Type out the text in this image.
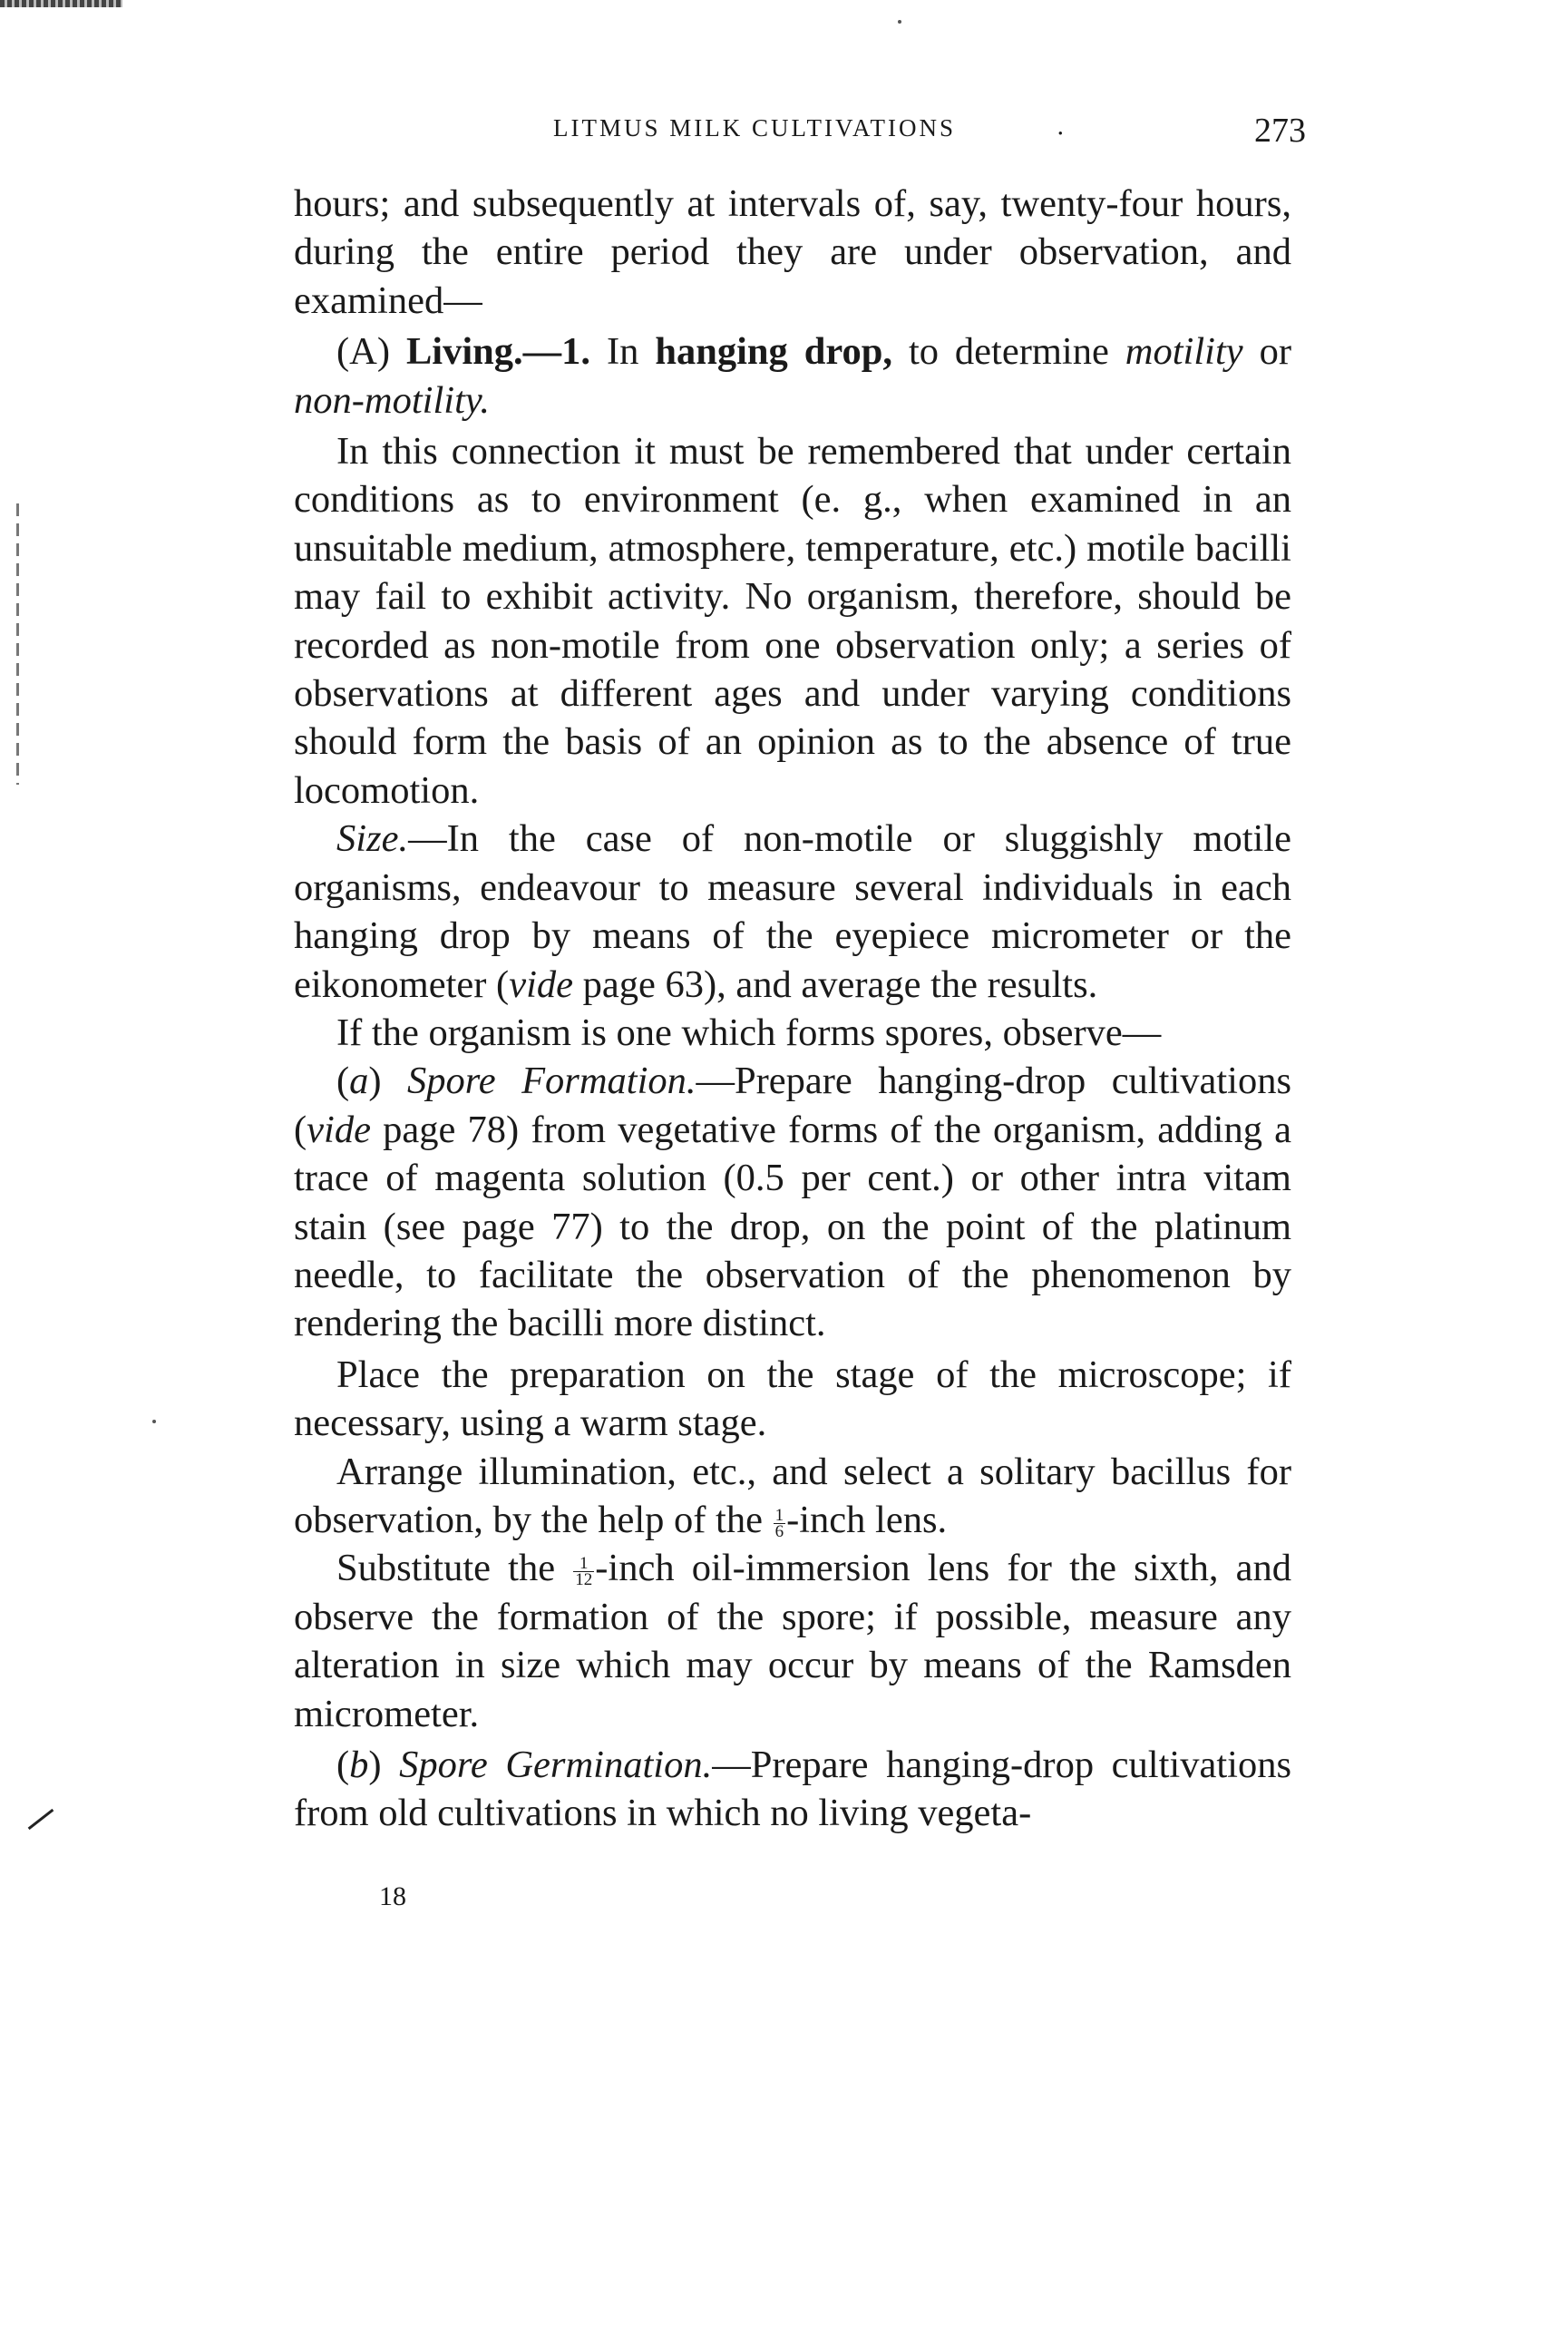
LITMUS MILK CULTIVATIONS	.	273

hours; and subsequently at intervals of, say, twenty-four hours, during the entire period they are under observation, and examined—

(A) Living.—1. In hanging drop, to determine motility or non-motility.

In this connection it must be remembered that under certain conditions as to environment (e. g., when examined in an unsuitable medium, atmosphere, temperature, etc.) motile bacilli may fail to exhibit activity. No organism, therefore, should be recorded as non-motile from one observation only; a series of observations at different ages and under varying conditions should form the basis of an opinion as to the absence of true locomotion.

Size.—In the case of non-motile or sluggishly motile organisms, endeavour to measure several individuals in each hanging drop by means of the eyepiece micrometer or the eikonometer (vide page 63), and average the results.

If the organism is one which forms spores, observe—

(a) Spore Formation.—Prepare hanging-drop cultivations (vide page 78) from vegetative forms of the organism, adding a trace of magenta solution (0.5 per cent.) or other intra vitam stain (see page 77) to the drop, on the point of the platinum needle, to facilitate the observation of the phenomenon by rendering the bacilli more distinct.

Place the preparation on the stage of the microscope; if necessary, using a warm stage.

Arrange illumination, etc., and select a solitary bacillus for observation, by the help of the $\frac{1}{6}$ -inch lens.

Substitute the $\frac{1}{12}$ -inch oil-immersion lens for the sixth, and observe the formation of the spore; if possible, measure any alteration in size which may occur by means of the Ramsden micrometer.

(b) Spore Germination.—Prepare hanging-drop cultivations from old cultivations in which no living vegeta-

18
